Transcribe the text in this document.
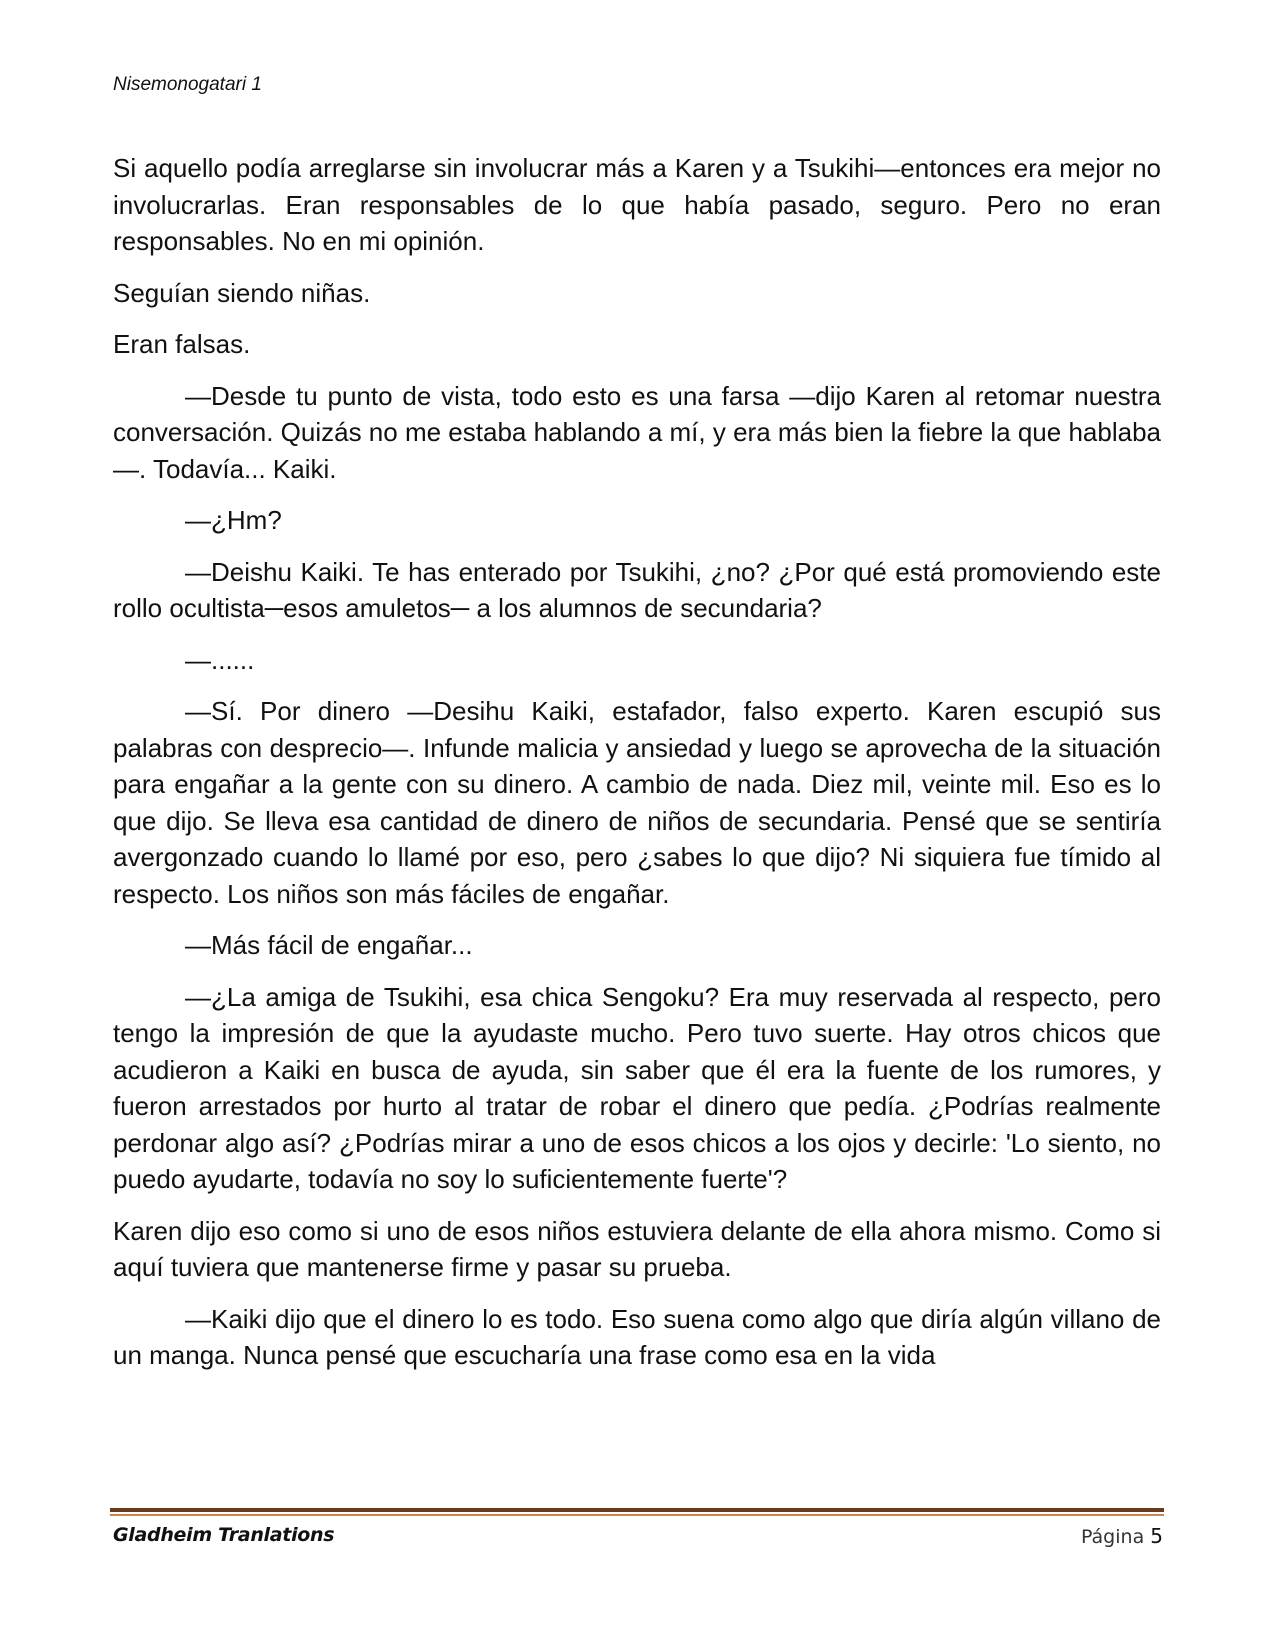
Nisemonogatari 1

Si aquello podía arreglarse sin involucrar más a Karen y a Tsukihi—entonces era mejor no involucrarlas. Eran responsables de lo que había pasado, seguro. Pero no eran responsables. No en mi opinión.

Seguían siendo niñas.

Eran falsas.

—Desde tu punto de vista, todo esto es una farsa —dijo Karen al retomar nuestra conversación. Quizás no me estaba hablando a mí, y era más bien la fiebre la que hablaba—. Todavía... Kaiki.

—¿Hm?

—Deishu Kaiki. Te has enterado por Tsukihi, ¿no? ¿Por qué está promoviendo este rollo ocultista─esos amuletos─ a los alumnos de secundaria?

—......

—Sí. Por dinero —Desihu Kaiki, estafador, falso experto. Karen escupió sus palabras con desprecio—. Infunde malicia y ansiedad y luego se aprovecha de la situación para engañar a la gente con su dinero. A cambio de nada. Diez mil, veinte mil. Eso es lo que dijo. Se lleva esa cantidad de dinero de niños de secundaria. Pensé que se sentiría avergonzado cuando lo llamé por eso, pero ¿sabes lo que dijo? Ni siquiera fue tímido al respecto. Los niños son más fáciles de engañar.

—Más fácil de engañar...

—¿La amiga de Tsukihi, esa chica Sengoku? Era muy reservada al respecto, pero tengo la impresión de que la ayudaste mucho. Pero tuvo suerte. Hay otros chicos que acudieron a Kaiki en busca de ayuda, sin saber que él era la fuente de los rumores, y fueron arrestados por hurto al tratar de robar el dinero que pedía. ¿Podrías realmente perdonar algo así? ¿Podrías mirar a uno de esos chicos a los ojos y decirle: 'Lo siento, no puedo ayudarte, todavía no soy lo suficientemente fuerte'?

Karen dijo eso como si uno de esos niños estuviera delante de ella ahora mismo. Como si aquí tuviera que mantenerse firme y pasar su prueba.

—Kaiki dijo que el dinero lo es todo. Eso suena como algo que diría algún villano de un manga. Nunca pensé que escucharía una frase como esa en la vida

Gladheim Tranlations	Página 5
